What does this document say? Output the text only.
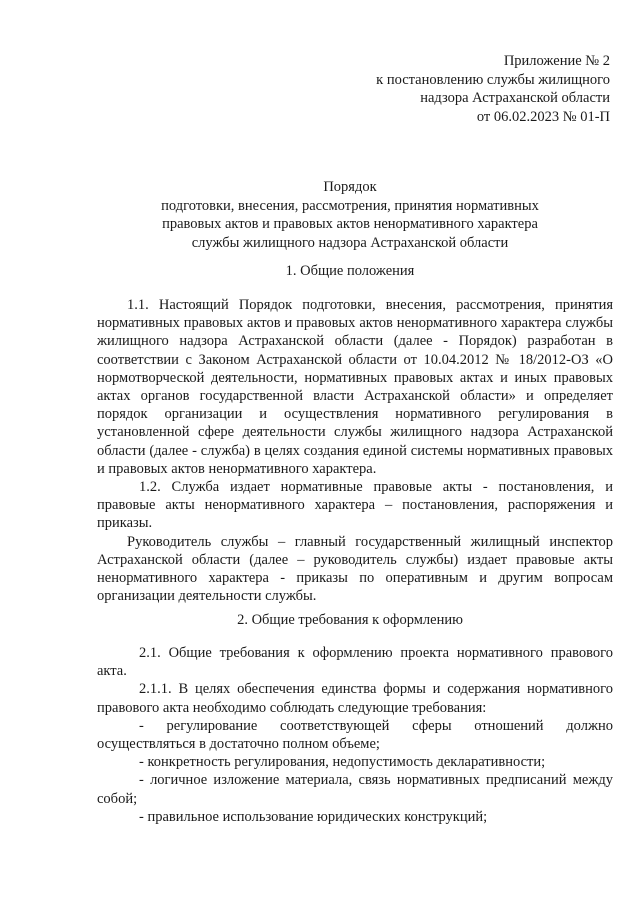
Приложение № 2
к постановлению службы жилищного
надзора Астраханской области
от 06.02.2023 № 01-П
Порядок
подготовки, внесения, рассмотрения, принятия нормативных
правовых актов и правовых актов ненормативного характера
службы жилищного надзора Астраханской области
1. Общие положения

1.1. Настоящий Порядок подготовки, внесения, рассмотрения, принятия нормативных правовых актов и правовых актов ненормативного характера службы жилищного надзора Астраханской области (далее - Порядок) разработан в соответствии с Законом Астраханской области от 10.04.2012 № 18/2012-ОЗ «О нормотворческой деятельности, нормативных правовых актах и иных правовых актах органов государственной власти Астраханской области» и определяет порядок организации и осуществления нормативного регулирования в установленной сфере деятельности службы жилищного надзора Астраханской области (далее - служба) в целях создания единой системы нормативных правовых и правовых актов ненормативного характера.

1.2. Служба издает нормативные правовые акты - постановления, и правовые акты ненормативного характера – постановления, распоряжения и приказы.

Руководитель службы – главный государственный жилищный инспектор Астраханской области (далее – руководитель службы) издает правовые акты ненормативного характера - приказы по оперативным и другим вопросам организации деятельности службы.

2. Общие требования к оформлению

2.1. Общие требования к оформлению проекта нормативного правового акта.

2.1.1. В целях обеспечения единства формы и содержания нормативного правового акта необходимо соблюдать следующие требования:

- регулирование соответствующей сферы отношений должно осуществляться в достаточно полном объеме;

- конкретность регулирования, недопустимость декларативности;

- логичное изложение материала, связь нормативных предписаний между собой;

- правильное использование юридических конструкций;
